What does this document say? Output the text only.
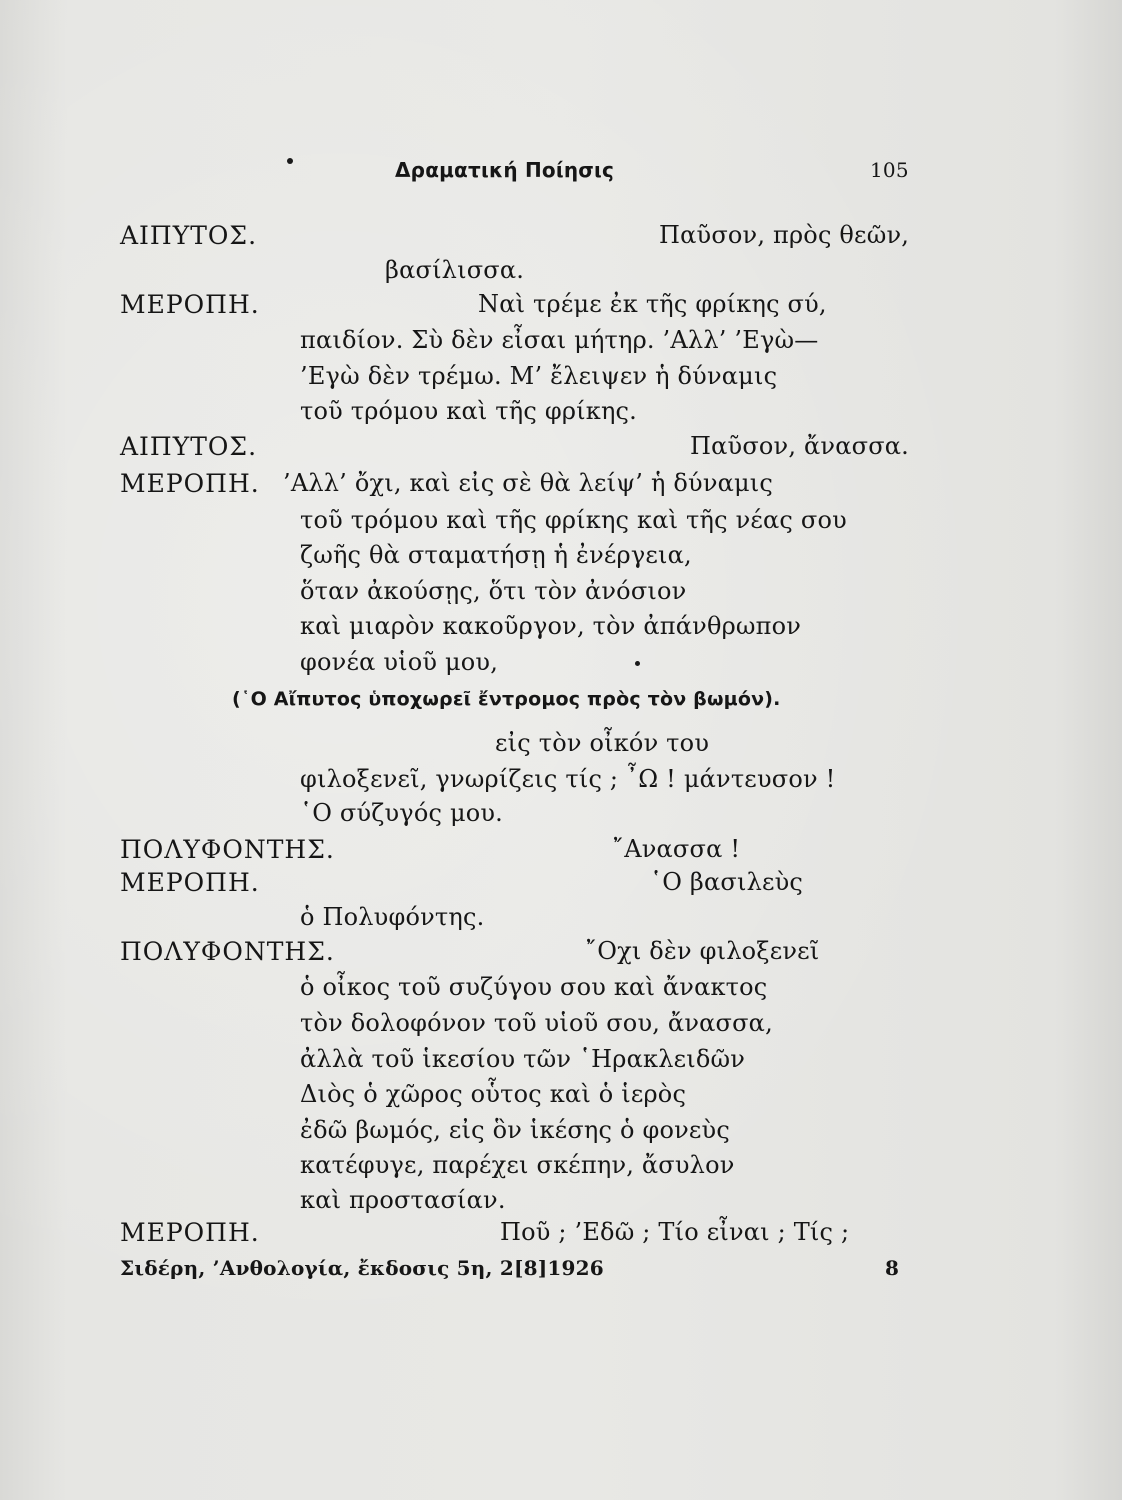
Δραματική Ποίησις	105
ΑΙΠΥΤΟΣ.	Παῦσον, πρὸς θεῶν,
βασίλισσα.
ΜΕΡΟΠΗ.	Ναὶ τρέμε ἐκ τῆς φρίκης σύ,
παιδίον. Σὺ δὲν εἶσαι μήτηρ. ’Αλλ’ ’Εγὼ—
’Εγὼ δὲν τρέμω. Μ’ ἔλειψεν ἡ δύναμις
τοῦ τρόμου καὶ τῆς φρίκης.
ΑΙΠΥΤΟΣ.	Παῦσον, ἄνασσα.
ΜΕΡΟΠΗ. ’Αλλ’ ὄχι, καὶ εἰς σὲ θὰ λείψ’ ἡ δύναμις
τοῦ τρόμου καὶ τῆς φρίκης καὶ τῆς νέας σου
ζωῆς θὰ σταματήσῃ ἡ ἐνέργεια,
ὅταν ἀκούσῃς, ὅτι τὸν ἀνόσιον
καὶ μιαρὸν κακοῦργον, τὸν ἀπάνθρωπον
φονέα υἱοῦ μου,
(῾Ο Αἴπυτος ὑποχωρεῖ ἔντρομος πρὸς τὸν βωμόν).
εἰς τὸν οἶκόν του
φιλοξενεῖ, γνωρίζεις τίς ; ῏Ω ! μάντευσον !
῾Ο σύζυγός μου.
ΠΟΛΥΦΟΝΤΗΣ.	῎Ανασσα !
ΜΕΡΟΠΗ.	῾Ο βασιλεὺς
ὁ Πολυφόντης.
ΠΟΛΥΦΟΝΤΗΣ.	῎Οχι δὲν φιλοξενεῖ
ὁ οἶκος τοῦ συζύγου σου καὶ ἄνακτος
τὸν δολοφόνον τοῦ υἱοῦ σου, ἄνασσα,
ἀλλὰ τοῦ ἱκεσίου τῶν ῾Ηρακλειδῶν
Διὸς ὁ χῶρος οὗτος καὶ ὁ ἱερὸς
ἐδῶ βωμός, εἰς ὃν ἱκέσης ὁ φονεὺς
κατέφυγε, παρέχει σκέπην, ἄσυλον
καὶ προστασίαν.
ΜΕΡΟΠΗ.	Ποῦ ; ’Εδῶ ; Τίο εἶναι ; Τίς ;
Σιδέρη, ’Ανθολογία, ἔκδοσις 5η, 2[8]1926	8
